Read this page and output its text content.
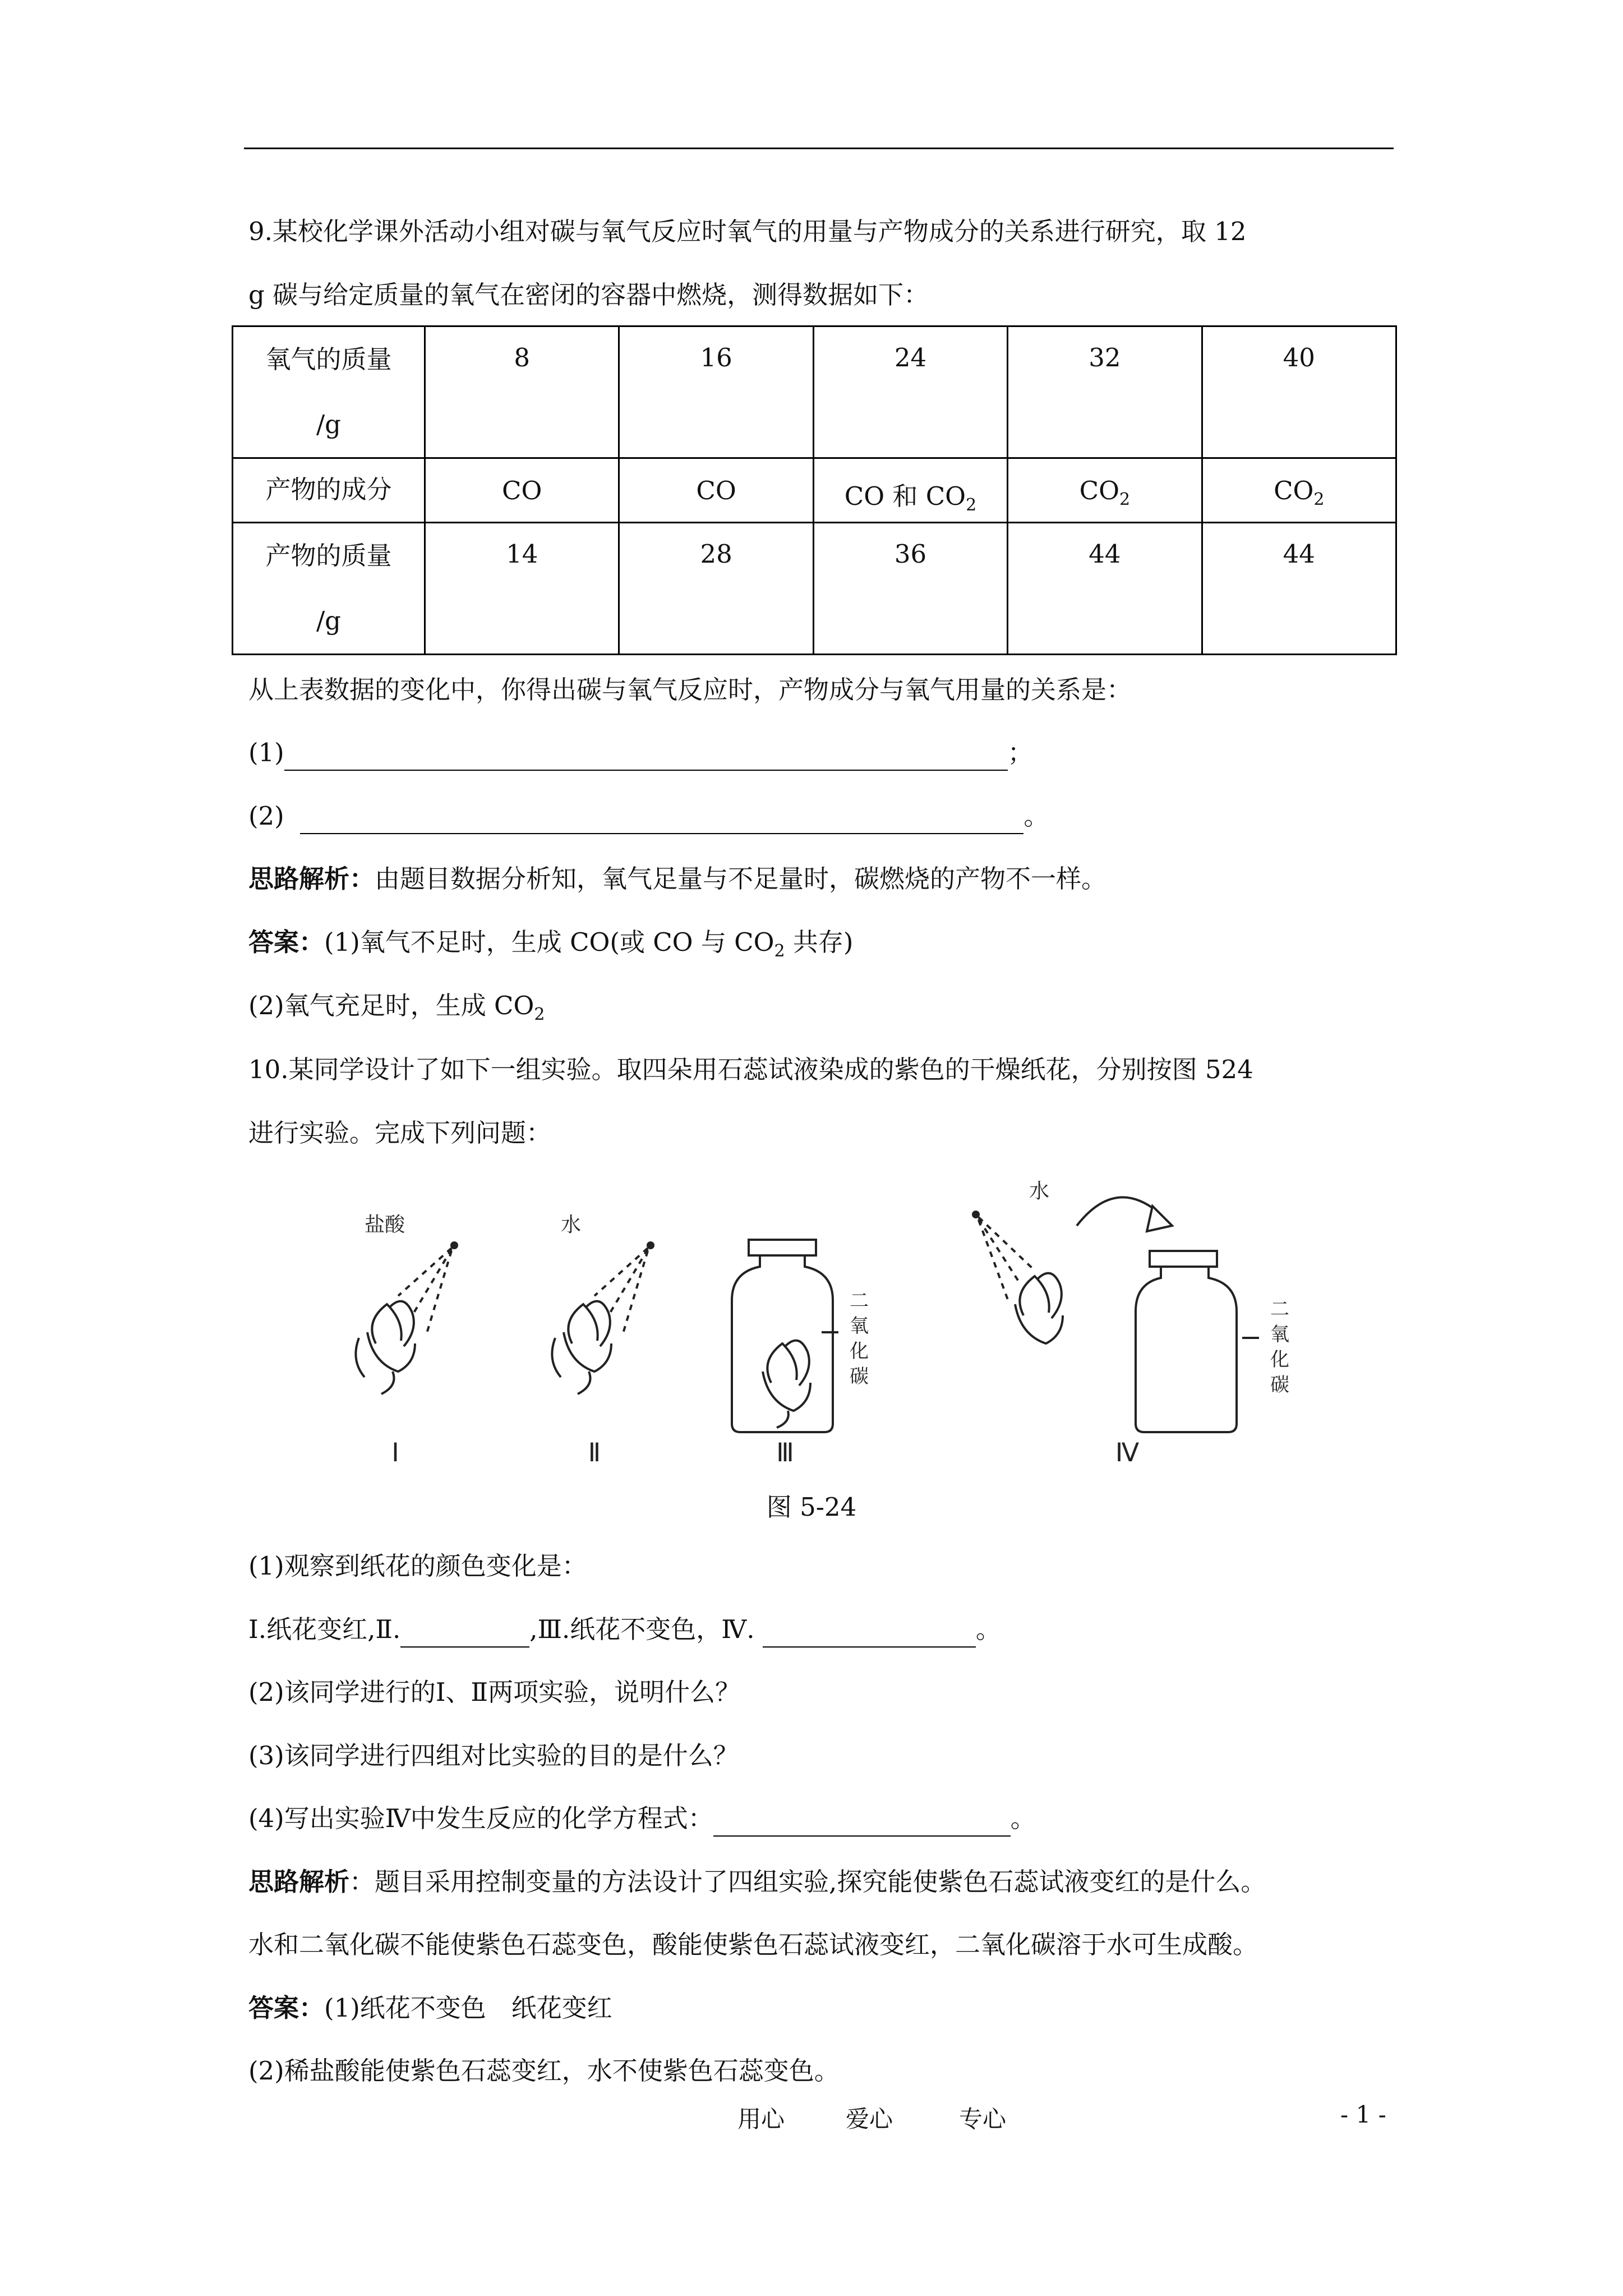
9.某校化学课外活动小组对碳与氧气反应时氧气的用量与产物成分的关系进行研究，取 12
g 碳与给定质量的氧气在密闭的容器中燃烧，测得数据如下：
氧气的质量
/g	8	16	24	32	40
产物的成分	CO	CO	CO 和 $CO_2$	$CO_2$	$CO_2$

产物的质量
/g	14	28	36	44	44
从上表数据的变化中，你得出碳与氧气反应时，产物成分与氧气用量的关系是：
(1)	；
(2)	。
思路解析：由题目数据分析知，氧气足量与不足量时，碳燃烧的产物不一样。
答案：(1)氧气不足时，生成 CO(或 CO 与 $CO_2$ 共存)
(2)氧气充足时，生成 $CO_2$
10.某同学设计了如下一组实验。取四朵用石蕊试液染成的紫色的干燥纸花，分别按图 524
进行实验。完成下列问题：
盐酸
Ⅰ
水
Ⅱ
二
氧
化
碳
Ⅲ
水
二
氧
化
碳
Ⅳ
图 5-24
(1)观察到纸花的颜色变化是：
Ⅰ.纸花变红,Ⅱ.	,Ⅲ.纸花不变色，Ⅳ.	。
(2)该同学进行的Ⅰ、Ⅱ两项实验，说明什么？
(3)该同学进行四组对比实验的目的是什么？
(4)写出实验Ⅳ中发生反应的化学方程式：	。
思路解析：题目采用控制变量的方法设计了四组实验,探究能使紫色石蕊试液变红的是什么。
水和二氧化碳不能使紫色石蕊变色，酸能使紫色石蕊试液变红，二氧化碳溶于水可生成酸。
答案：(1)纸花不变色　纸花变红
(2)稀盐酸能使紫色石蕊变红，水不使紫色石蕊变色。
用心	爱心	专心	- 1 -
